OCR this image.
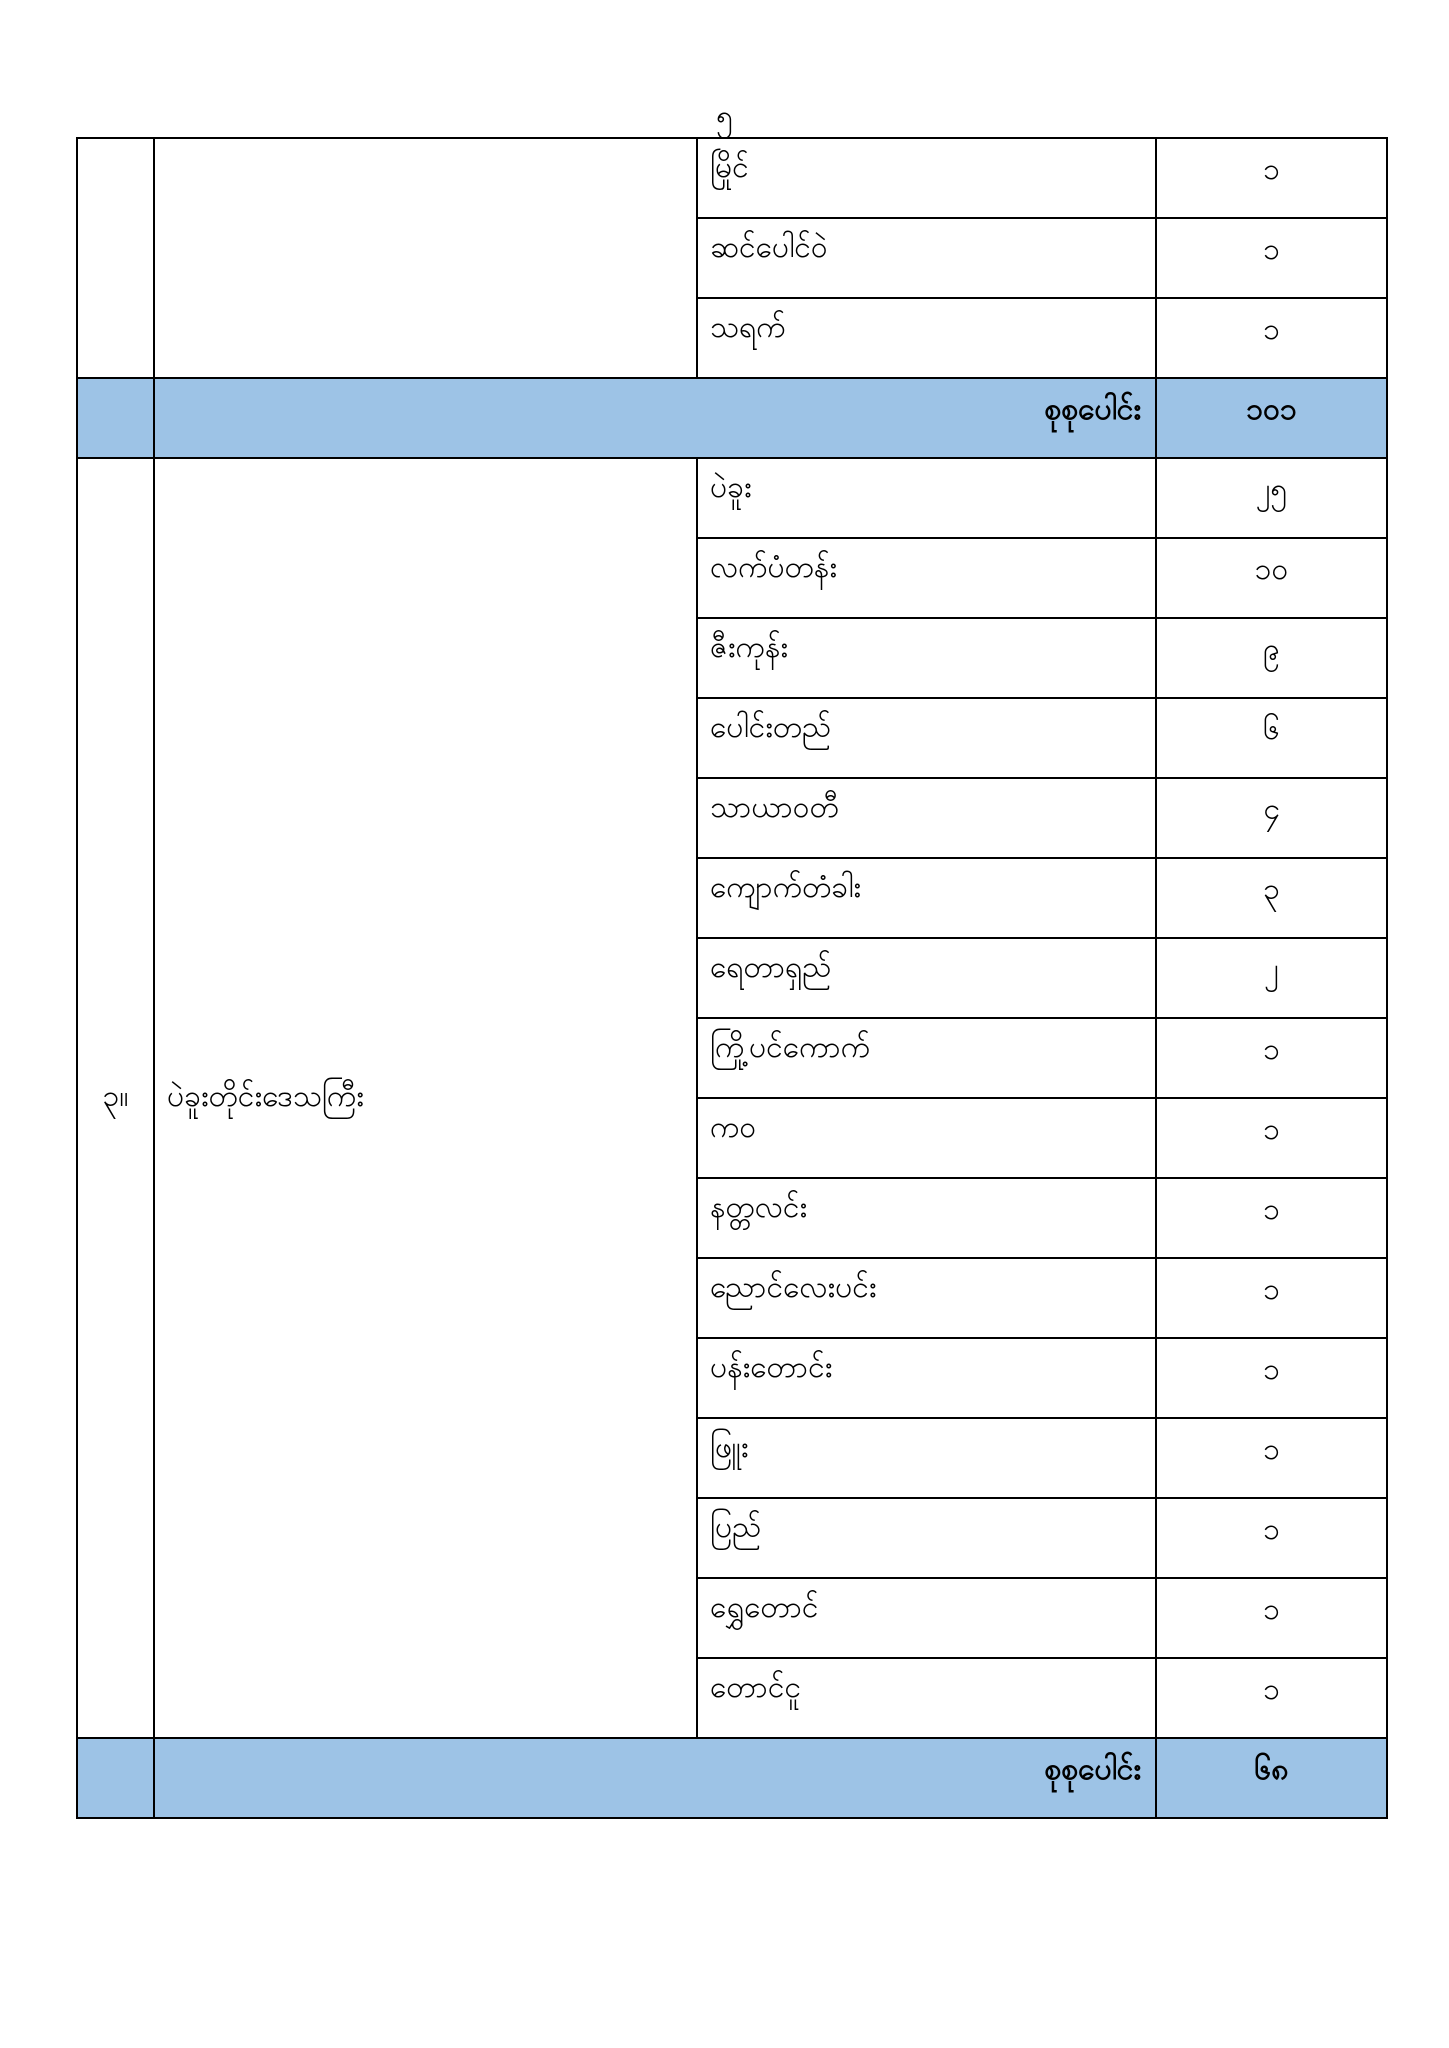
၅
		မြိုင်	၁
		ဆင်ပေါင်ဝဲ	၁
		သရက်	၁
	စုစုပေါင်း		၁၀၁
၃။	ပဲခူးတိုင်းဒေသကြီး	ပဲခူး	၂၅
		လက်ပံတန်း	၁၀
		ဇီးကုန်း	၉
		ပေါင်းတည်	၆
		သာယာဝတီ	၄
		ကျောက်တံခါး	၃
		ရေတာရှည်	၂
		ကြို့ပင်ကောက်	၁
		ကဝ	၁
		နတ္တလင်း	၁
		ညောင်လေးပင်း	၁
		ပန်းတောင်း	၁
		ဖြူး	၁
		ပြည်	၁
		ရွှေတောင်	၁
		တောင်ငူ	၁
	စုစုပေါင်း		၆၈
